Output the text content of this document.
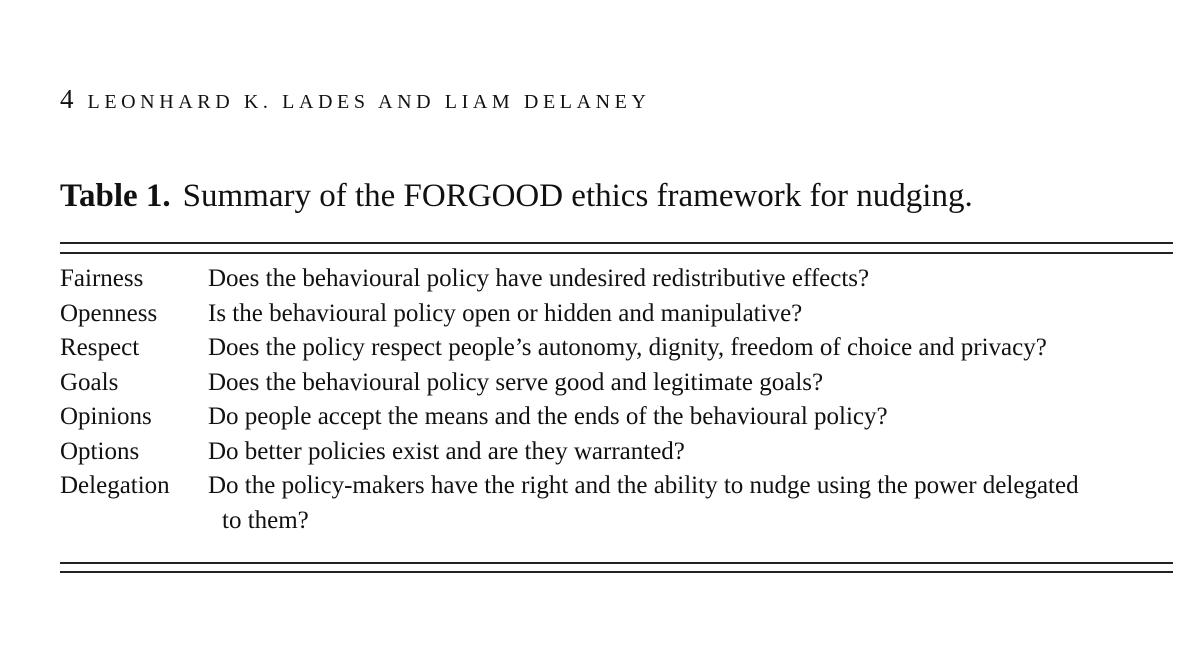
4 LEONHARD K. LADES AND LIAM DELANEY
Table 1. Summary of the FORGOOD ethics framework for nudging.
Fairness	Does the behavioural policy have undesired redistributive effects?
Openness	Is the behavioural policy open or hidden and manipulative?
Respect	Does the policy respect people’s autonomy, dignity, freedom of choice and privacy?
Goals	Does the behavioural policy serve good and legitimate goals?
Opinions	Do people accept the means and the ends of the behavioural policy?
Options	Do better policies exist and are they warranted?
Delegation	Do the policy-makers have the right and the ability to nudge using the power delegated
to them?
